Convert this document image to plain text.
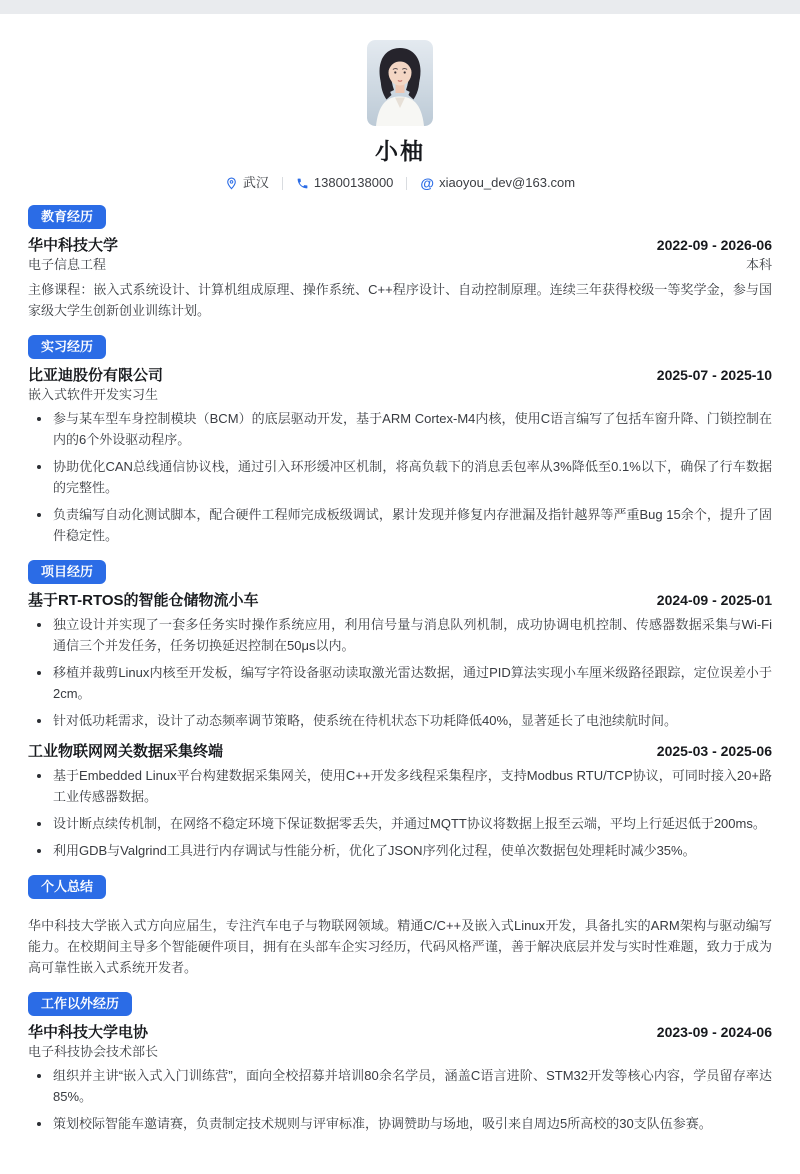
小柚
武汉	13800138000 @ xiaoyou_dev@163.com
教育经历
华中科技大学	2022-09 - 2026-06
电子信息工程	本科

主修课程：嵌入式系统设计、计算机组成原理、操作系统、C++程序设计、自动控制原理。连续三年获得校级一等奖学金，参与国家级大学生创新创业训练计划。

实习经历
比亚迪股份有限公司	2025-07 - 2025-10
嵌入式软件开发实习生
参与某车型车身控制模块（BCM）的底层驱动开发，基于ARM Cortex-M4内核，使用C语言编写了包括车窗升降、门锁控制在内的6个外设驱动程序。
协助优化CAN总线通信协议栈，通过引入环形缓冲区机制，将高负载下的消息丢包率从3%降低至0.1%以下，确保了行车数据的完整性。
负责编写自动化测试脚本，配合硬件工程师完成板级调试，累计发现并修复内存泄漏及指针越界等严重Bug 15余个，提升了固件稳定性。
项目经历
基于RT-RTOS的智能仓储物流小车	2024-09 - 2025-01
独立设计并实现了一套多任务实时操作系统应用，利用信号量与消息队列机制，成功协调电机控制、传感器数据采集与Wi-Fi通信三个并发任务，任务切换延迟控制在50μs以内。
移植并裁剪Linux内核至开发板，编写字符设备驱动读取激光雷达数据，通过PID算法实现小车厘米级路径跟踪，定位误差小于2cm。
针对低功耗需求，设计了动态频率调节策略，使系统在待机状态下功耗降低40%，显著延长了电池续航时间。
工业物联网网关数据采集终端	2025-03 - 2025-06
基于Embedded Linux平台构建数据采集网关，使用C++开发多线程采集程序，支持Modbus RTU/TCP协议，可同时接入20+路工业传感器数据。
设计断点续传机制，在网络不稳定环境下保证数据零丢失，并通过MQTT协议将数据上报至云端，平均上行延迟低于200ms。
利用GDB与Valgrind工具进行内存调试与性能分析，优化了JSON序列化过程，使单次数据包处理耗时减少35%。
个人总结

华中科技大学嵌入式方向应届生，专注汽车电子与物联网领域。精通C/C++及嵌入式Linux开发，具备扎实的ARM架构与驱动编写能力。在校期间主导多个智能硬件项目，拥有在头部车企实习经历，代码风格严谨，善于解决底层并发与实时性难题，致力于成为高可靠性嵌入式系统开发者。

工作以外经历
华中科技大学电协	2023-09 - 2024-06
电子科技协会技术部长
组织并主讲“嵌入式入门训练营”，面向全校招募并培训80余名学员，涵盖C语言进阶、STM32开发等核心内容，学员留存率达85%。
策划校际智能车邀请赛，负责制定技术规则与评审标准，协调赞助与场地，吸引来自周边5所高校的30支队伍参赛。
